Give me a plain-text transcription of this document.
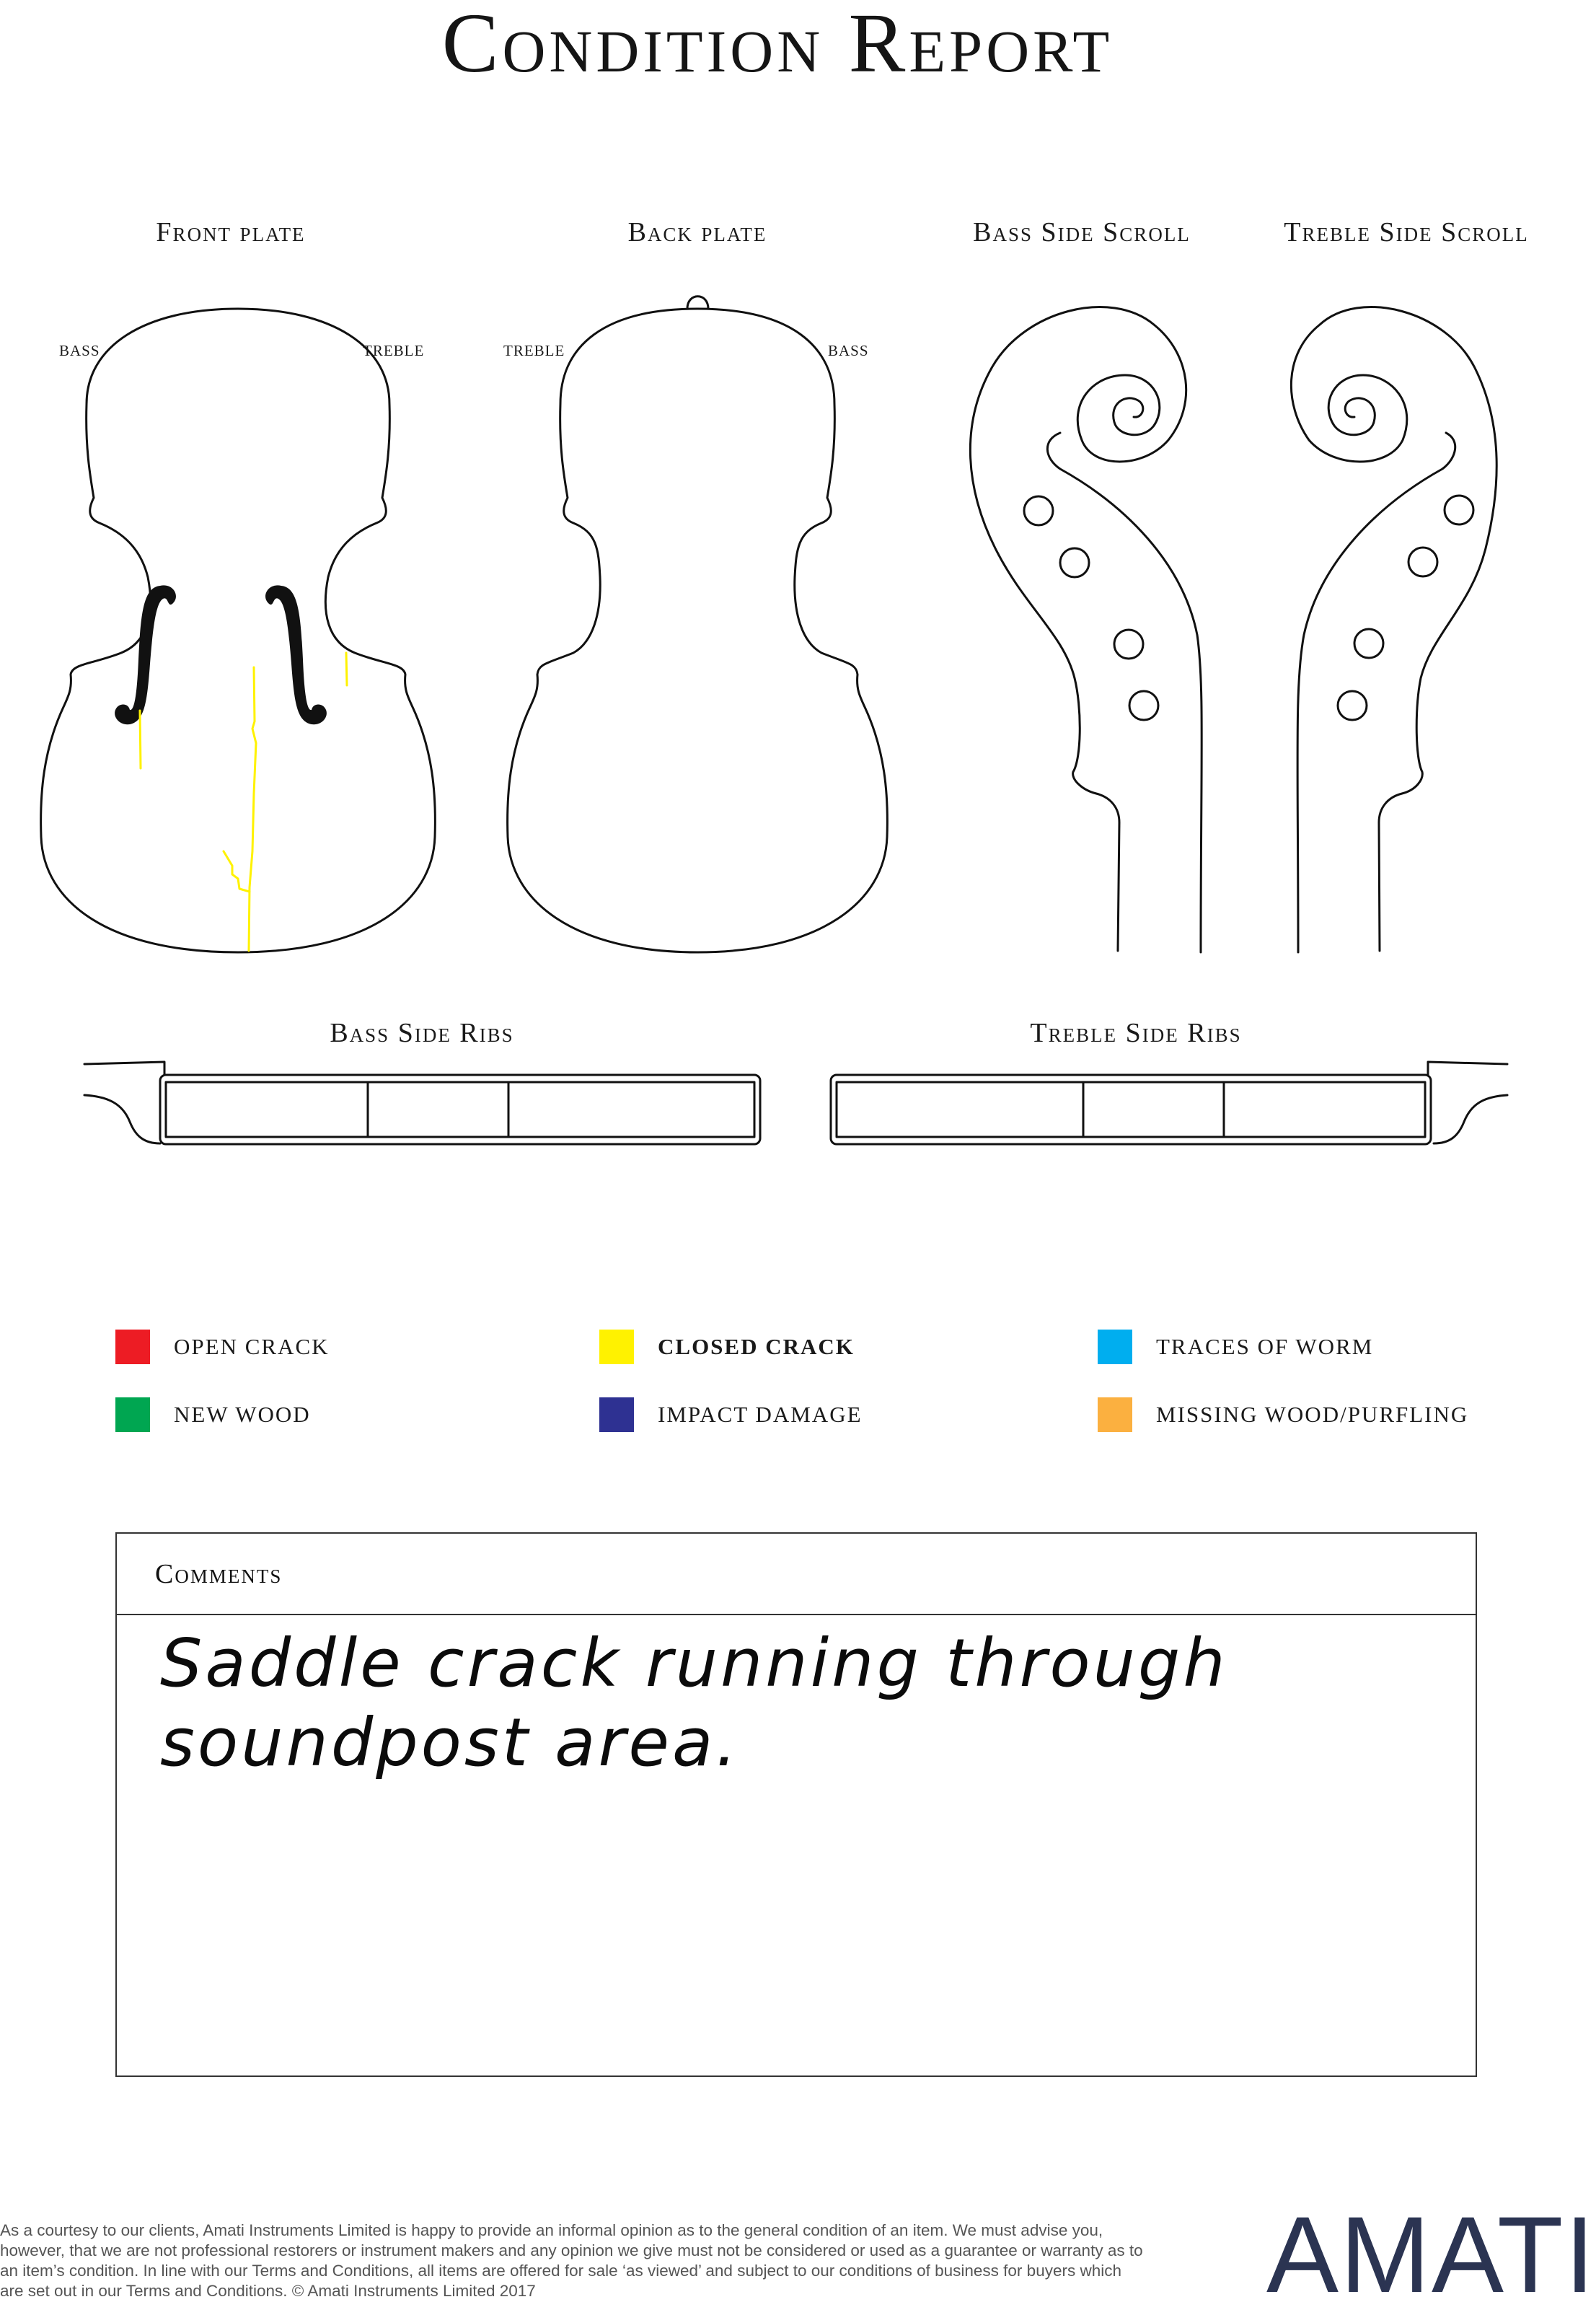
Condition Report
Front plate	Back plate	Bass Side Scroll	Treble Side Scroll
Bass Side Ribs	Treble Side Ribs
BASS	TREBLE	TREBLE	BASS
OPEN CRACK	CLOSED CRACK	TRACES OF WORM
NEW WOOD	IMPACT DAMAGE	MISSING WOOD/PURFLING
Comments
Saddle crack running through soundpost area.
As a courtesy to our clients, Amati Instruments Limited is happy to provide an informal opinion as to the general condition of an item. We must advise you, however, that we are not professional restorers or instrument makers and any opinion we give must not be considered or used as a guarantee or warranty as to an item’s condition. In line with our Terms and Conditions, all items are offered for sale ‘as viewed’ and subject to our conditions of business for buyers which are set out in our Terms and Conditions. © Amati Instruments Limited 2017	AMATI
